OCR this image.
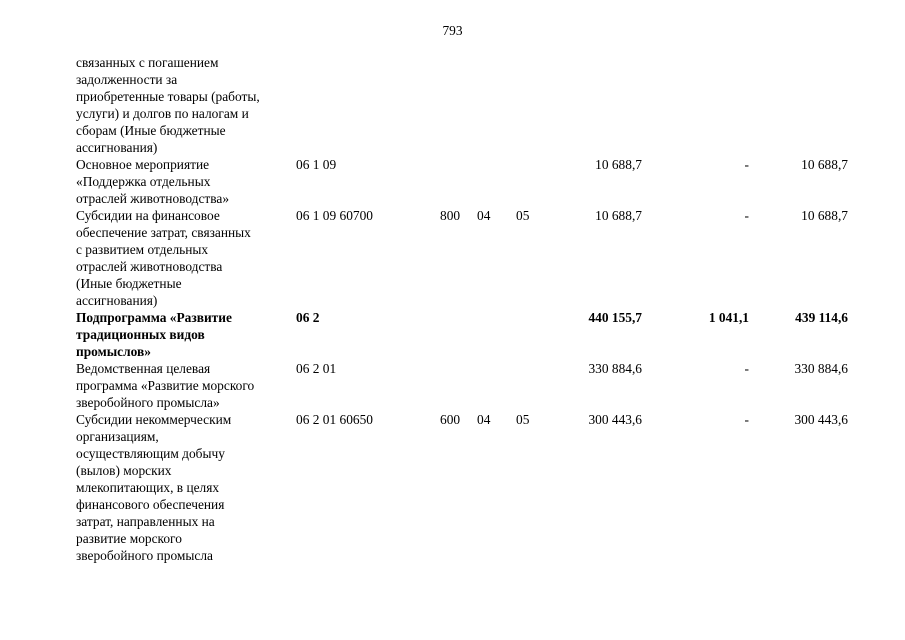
793
связанных с погашением
задолженности за
приобретенные товары (работы,
услуги) и долгов по налогам и
сборам (Иные бюджетные
ассигнования)
Основное мероприятие
«Поддержка отдельных
отраслей животноводства»
06 1 09	10 688,7	-	10 688,7
Субсидии на финансовое
обеспечение затрат, связанных
с развитием отдельных
отраслей животноводства
(Иные бюджетные
ассигнования)
06 1 09 60700	800 04 05	10 688,7	-	10 688,7
Подпрограмма «Развитие
традиционных видов
промыслов»
06 2	440 155,7	1 041,1	439 114,6
Ведомственная целевая
программа «Развитие морского
зверобойного промысла»
06 2 01	330 884,6	-	330 884,6
Субсидии некоммерческим
организациям,
осуществляющим добычу
(вылов) морских
млекопитающих, в целях
финансового обеспечения
затрат, направленных на
развитие морского
зверобойного промысла
06 2 01 60650	600 04 05	300 443,6	-	300 443,6
